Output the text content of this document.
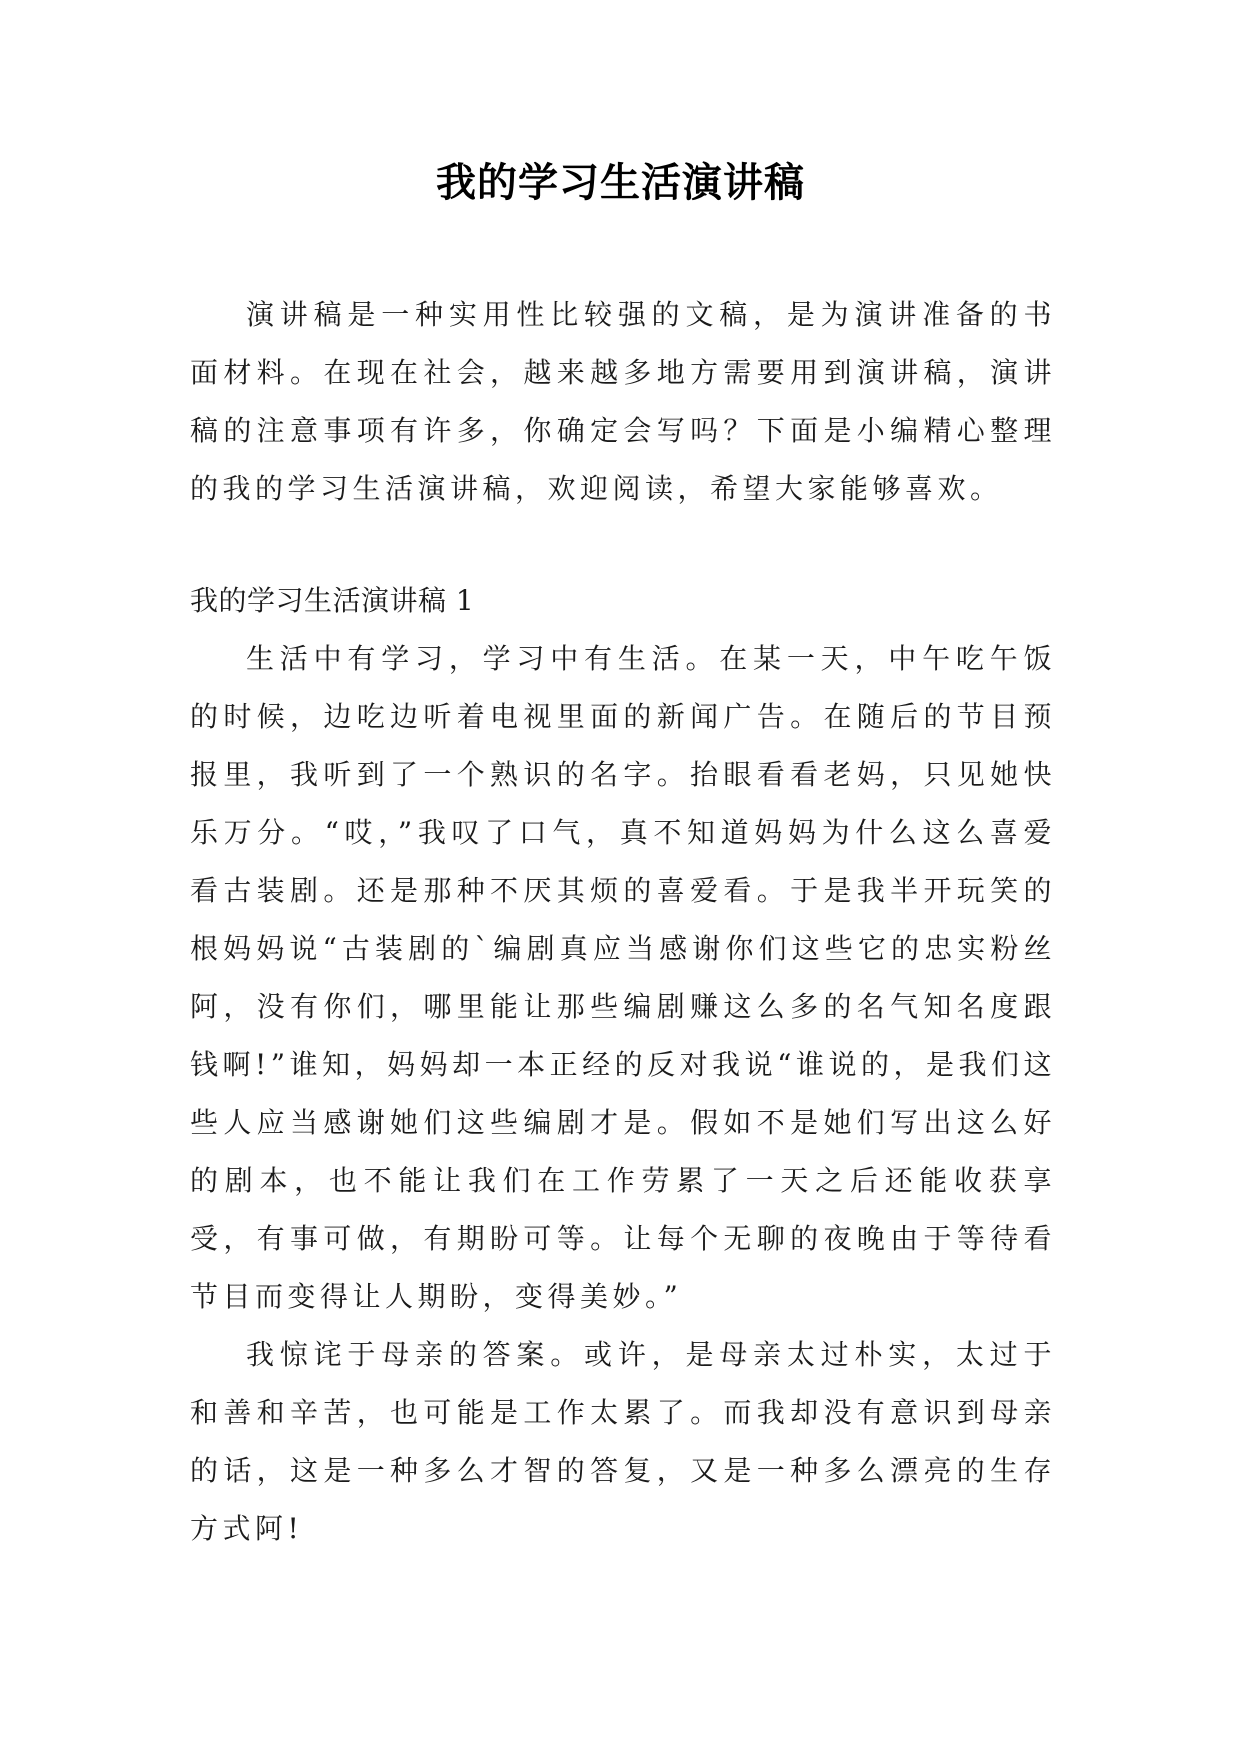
我的学习生活演讲稿

演讲稿是一种实用性比较强的文稿，是为演讲准备的书面材料。在现在社会，越来越多地方需要用到演讲稿，演讲稿的注意事项有许多，你确定会写吗？下面是小编精心整理的我的学习生活演讲稿，欢迎阅读，希望大家能够喜欢。

我的学习生活演讲稿 1

生活中有学习，学习中有生活。在某一天，中午吃午饭的时候，边吃边听着电视里面的新闻广告。在随后的节目预报里，我听到了一个熟识的名字。抬眼看看老妈，只见她快乐万分。“哎，”我叹了口气，真不知道妈妈为什么这么喜爱看古装剧。还是那种不厌其烦的喜爱看。于是我半开玩笑的根妈妈说“古装剧的`编剧真应当感谢你们这些它的忠实粉丝阿，没有你们，哪里能让那些编剧赚这么多的名气知名度跟钱啊!”谁知，妈妈却一本正经的反对我说“谁说的，是我们这些人应当感谢她们这些编剧才是。假如不是她们写出这么好的剧本，也不能让我们在工作劳累了一天之后还能收获享受，有事可做，有期盼可等。让每个无聊的夜晚由于等待看节目而变得让人期盼，变得美妙。”

我惊诧于母亲的答案。或许，是母亲太过朴实，太过于和善和辛苦，也可能是工作太累了。而我却没有意识到母亲的话，这是一种多么才智的答复，又是一种多么漂亮的生存方式阿!
